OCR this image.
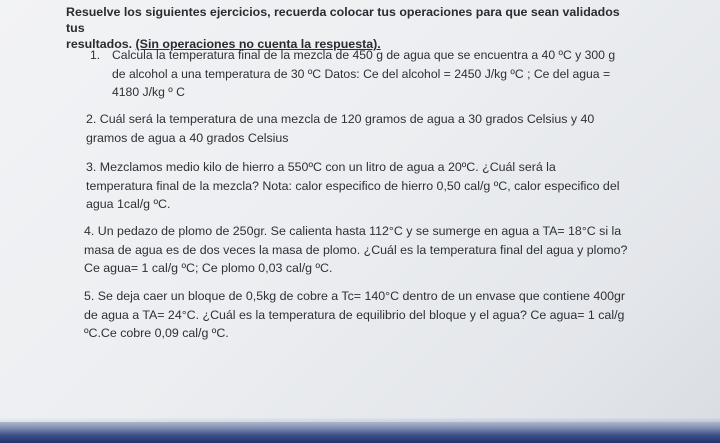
Resuelve los siguientes ejercicios, recuerda colocar tus operaciones para que sean validados tus
resultados. (Sin operaciones no cuenta la respuesta).
1. Calcula la temperatura final de la mezcla de 450 g de agua que se encuentra a 40 ºC y 300 g de alcohol a una temperatura de 30 ºC Datos: Ce del alcohol = 2450 J/kg ºC ; Ce del agua = 4180 J/kg º C
2. Cuál será la temperatura de una mezcla de 120 gramos de agua a 30 grados Celsius y 40 gramos de agua a 40 grados Celsius
3. Mezclamos medio kilo de hierro a 550ºC con un litro de agua a 20ºC. ¿Cuál será la temperatura final de la mezcla? Nota: calor especifico de hierro 0,50 cal/g ºC, calor especifico del agua 1cal/g ºC.
4. Un pedazo de plomo de 250gr. Se calienta hasta 112°C y se sumerge en agua a TA= 18°C si la masa de agua es de dos veces la masa de plomo. ¿Cuál es la temperatura final del agua y plomo? Ce agua= 1 cal/g ºC; Ce plomo 0,03 cal/g ºC.
5. Se deja caer un bloque de 0,5kg de cobre a Tc= 140°C dentro de un envase que contiene 400gr de agua a TA= 24°C. ¿Cuál es la temperatura de equilibrio del bloque y el agua? Ce agua= 1 cal/g ºC.Ce cobre 0,09 cal/g ºC.
